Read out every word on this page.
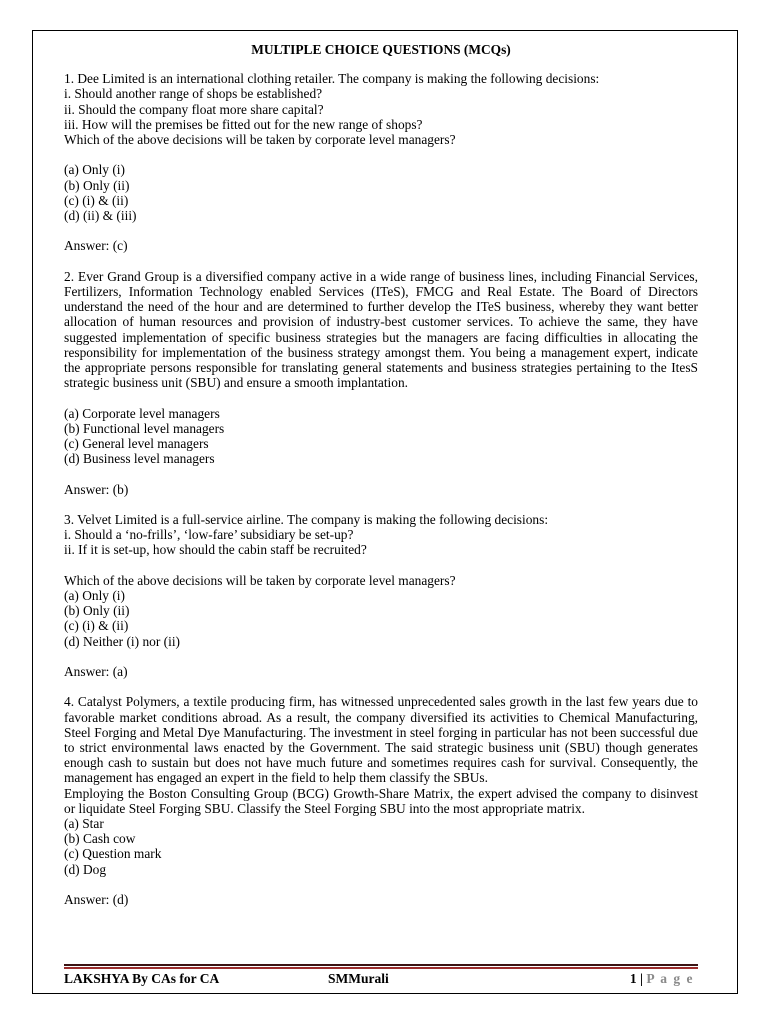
MULTIPLE CHOICE QUESTIONS (MCQs)

1. Dee Limited is an international clothing retailer. The company is making the following decisions:

i. Should another range of shops be established?

ii. Should the company float more share capital?

iii. How will the premises be fitted out for the new range of shops?

Which of the above decisions will be taken by corporate level managers?

(a) Only (i)

(b) Only (ii)

(c) (i) & (ii)

(d) (ii) & (iii)

Answer: (c)

2. Ever Grand Group is a diversified company active in a wide range of business lines, including Financial Services, Fertilizers, Information Technology enabled Services (ITeS), FMCG and Real Estate. The Board of Directors understand the need of the hour and are determined to further develop the ITeS business, whereby they want better allocation of human resources and provision of industry-best customer services. To achieve the same, they have suggested implementation of specific business strategies but the managers are facing difficulties in allocating the responsibility for implementation of the business strategy amongst them. You being a management expert, indicate the appropriate persons responsible for translating general statements and business strategies pertaining to the ItesS strategic business unit (SBU) and ensure a smooth implantation.

(a) Corporate level managers

(b) Functional level managers

(c) General level managers

(d) Business level managers

Answer: (b)

3. Velvet Limited is a full-service airline. The company is making the following decisions:

i. Should a ‘no-frills’, ‘low-fare’ subsidiary be set-up?

ii. If it is set-up, how should the cabin staff be recruited?

Which of the above decisions will be taken by corporate level managers?

(a) Only (i)

(b) Only (ii)

(c) (i) & (ii)

(d) Neither (i) nor (ii)

Answer: (a)

4. Catalyst Polymers, a textile producing firm, has witnessed unprecedented sales growth in the last few years due to favorable market conditions abroad. As a result, the company diversified its activities to Chemical Manufacturing, Steel Forging and Metal Dye Manufacturing. The investment in steel forging in particular has not been successful due to strict environmental laws enacted by the Government. The said strategic business unit (SBU) though generates enough cash to sustain but does not have much future and sometimes requires cash for survival. Consequently, the management has engaged an expert in the field to help them classify the SBUs.

Employing the Boston Consulting Group (BCG) Growth-Share Matrix, the expert advised the company to disinvest or liquidate Steel Forging SBU. Classify the Steel Forging SBU into the most appropriate matrix.

(a) Star

(b) Cash cow

(c) Question mark

(d) Dog

Answer: (d)

LAKSHYA By CAs for CA	SMMurali	1 | P a g e
